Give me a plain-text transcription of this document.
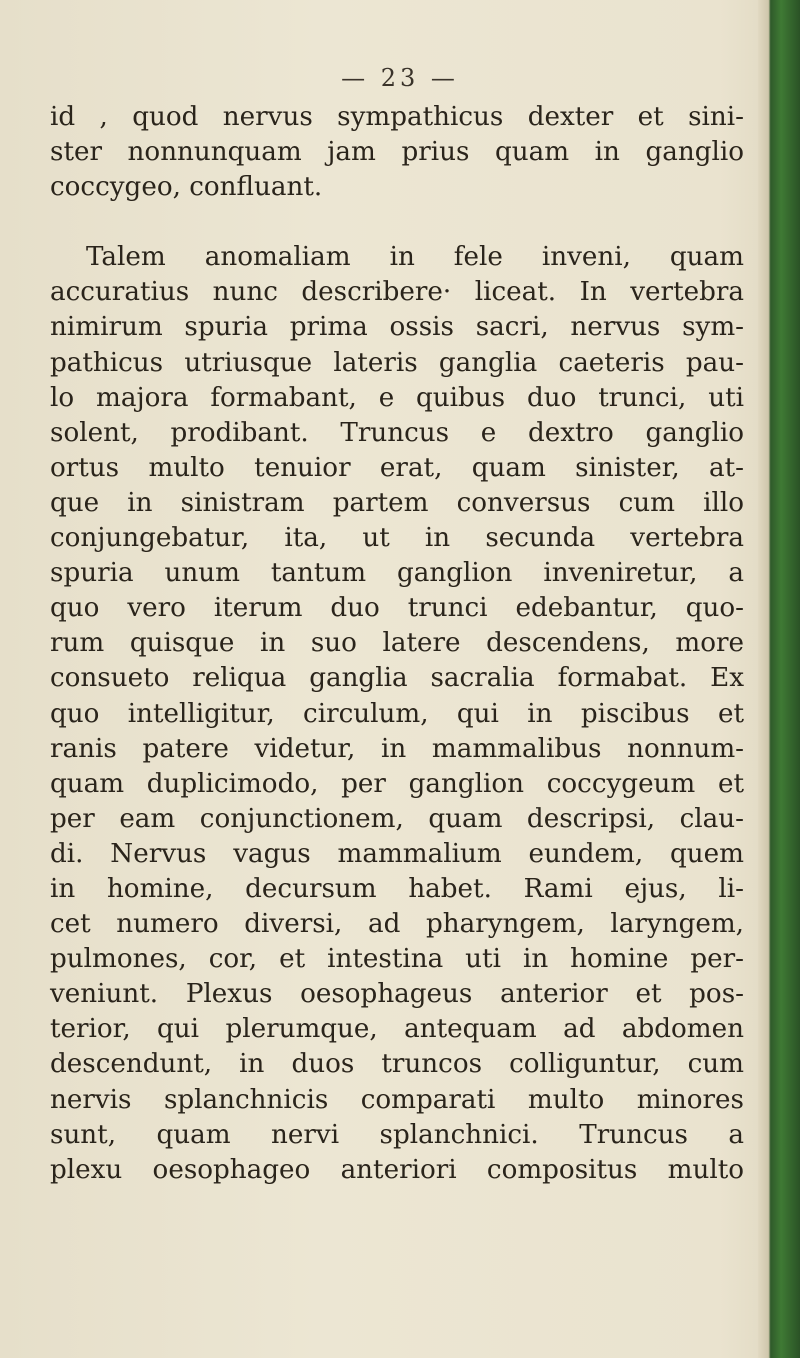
— 23 —
id , quod nervus sympathicus dexter et sini-
ster nonnunquam jam prius quam in ganglio
coccygeo, confluant.
Talem anomaliam in fele inveni, quam
accuratius nunc describere· liceat. In vertebra
nimirum spuria prima ossis sacri, nervus sym-
pathicus utriusque lateris ganglia caeteris pau-
lo majora formabant, e quibus duo trunci, uti
solent, prodibant. Truncus e dextro ganglio
ortus multo tenuior erat, quam sinister, at-
que in sinistram partem conversus cum illo
conjungebatur, ita, ut in secunda vertebra
spuria unum tantum ganglion inveniretur, a
quo vero iterum duo trunci edebantur, quo-
rum quisque in suo latere descendens, more
consueto reliqua ganglia sacralia formabat. Ex
quo intelligitur, circulum, qui in piscibus et
ranis patere videtur, in mammalibus nonnum-
quam duplicimodo, per ganglion coccygeum et
per eam conjunctionem, quam descripsi, clau-
di. Nervus vagus mammalium eundem, quem
in homine, decursum habet. Rami ejus, li-
cet numero diversi, ad pharyngem, laryngem,
pulmones, cor, et intestina uti in homine per-
veniunt. Plexus oesophageus anterior et pos-
terior, qui plerumque, antequam ad abdomen
descendunt, in duos truncos colliguntur, cum
nervis splanchnicis comparati multo minores
sunt, quam nervi splanchnici. Truncus a
plexu oesophageo anteriori compositus multo
